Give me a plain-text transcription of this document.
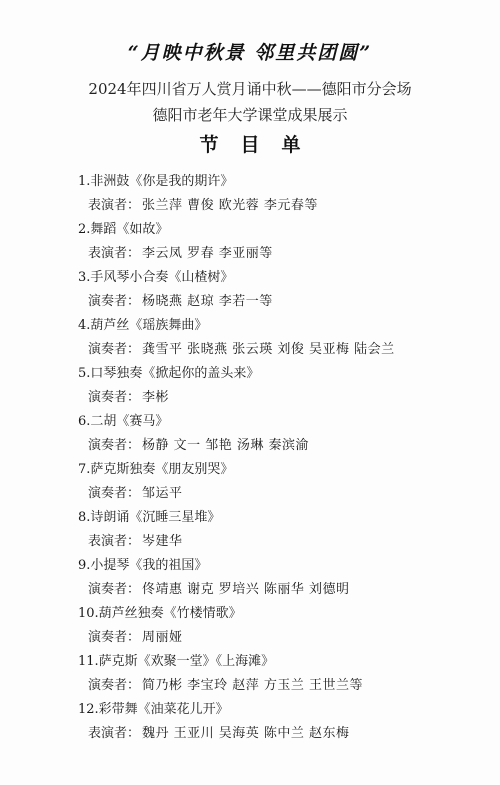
“月映中秋景 邻里共团圆”
2024年四川省万人赏月诵中秋——德阳市分会场
德阳市老年大学课堂成果展示
节目单
1.非洲鼓《你是我的期许》
表演者： 张兰萍 曹俊 欧光蓉 李元春等
2.舞蹈《如故》
表演者： 李云凤 罗春 李亚丽等
3.手风琴小合奏《山楂树》
演奏者： 杨晓燕 赵琼 李若一等
4.葫芦丝《瑶族舞曲》
演奏者： 龚雪平 张晓燕 张云瑛 刘俊 吴亚梅 陆会兰
5.口琴独奏《掀起你的盖头来》
演奏者： 李彬
6.二胡《赛马》
演奏者： 杨静 文一 邹艳 汤琳 秦滨渝
7.萨克斯独奏《朋友别哭》
演奏者： 邹运平
8.诗朗诵《沉睡三星堆》
表演者： 岑建华
9.小提琴《我的祖国》
演奏者： 佟靖惠 谢克 罗培兴 陈丽华 刘德明
10.葫芦丝独奏《竹楼情歌》
演奏者： 周丽娅
11.萨克斯《欢聚一堂》《上海滩》
演奏者： 简乃彬 李宝玲 赵萍 方玉兰 王世兰等
12.彩带舞《油菜花儿开》
表演者： 魏丹 王亚川 吴海英 陈中兰 赵东梅
